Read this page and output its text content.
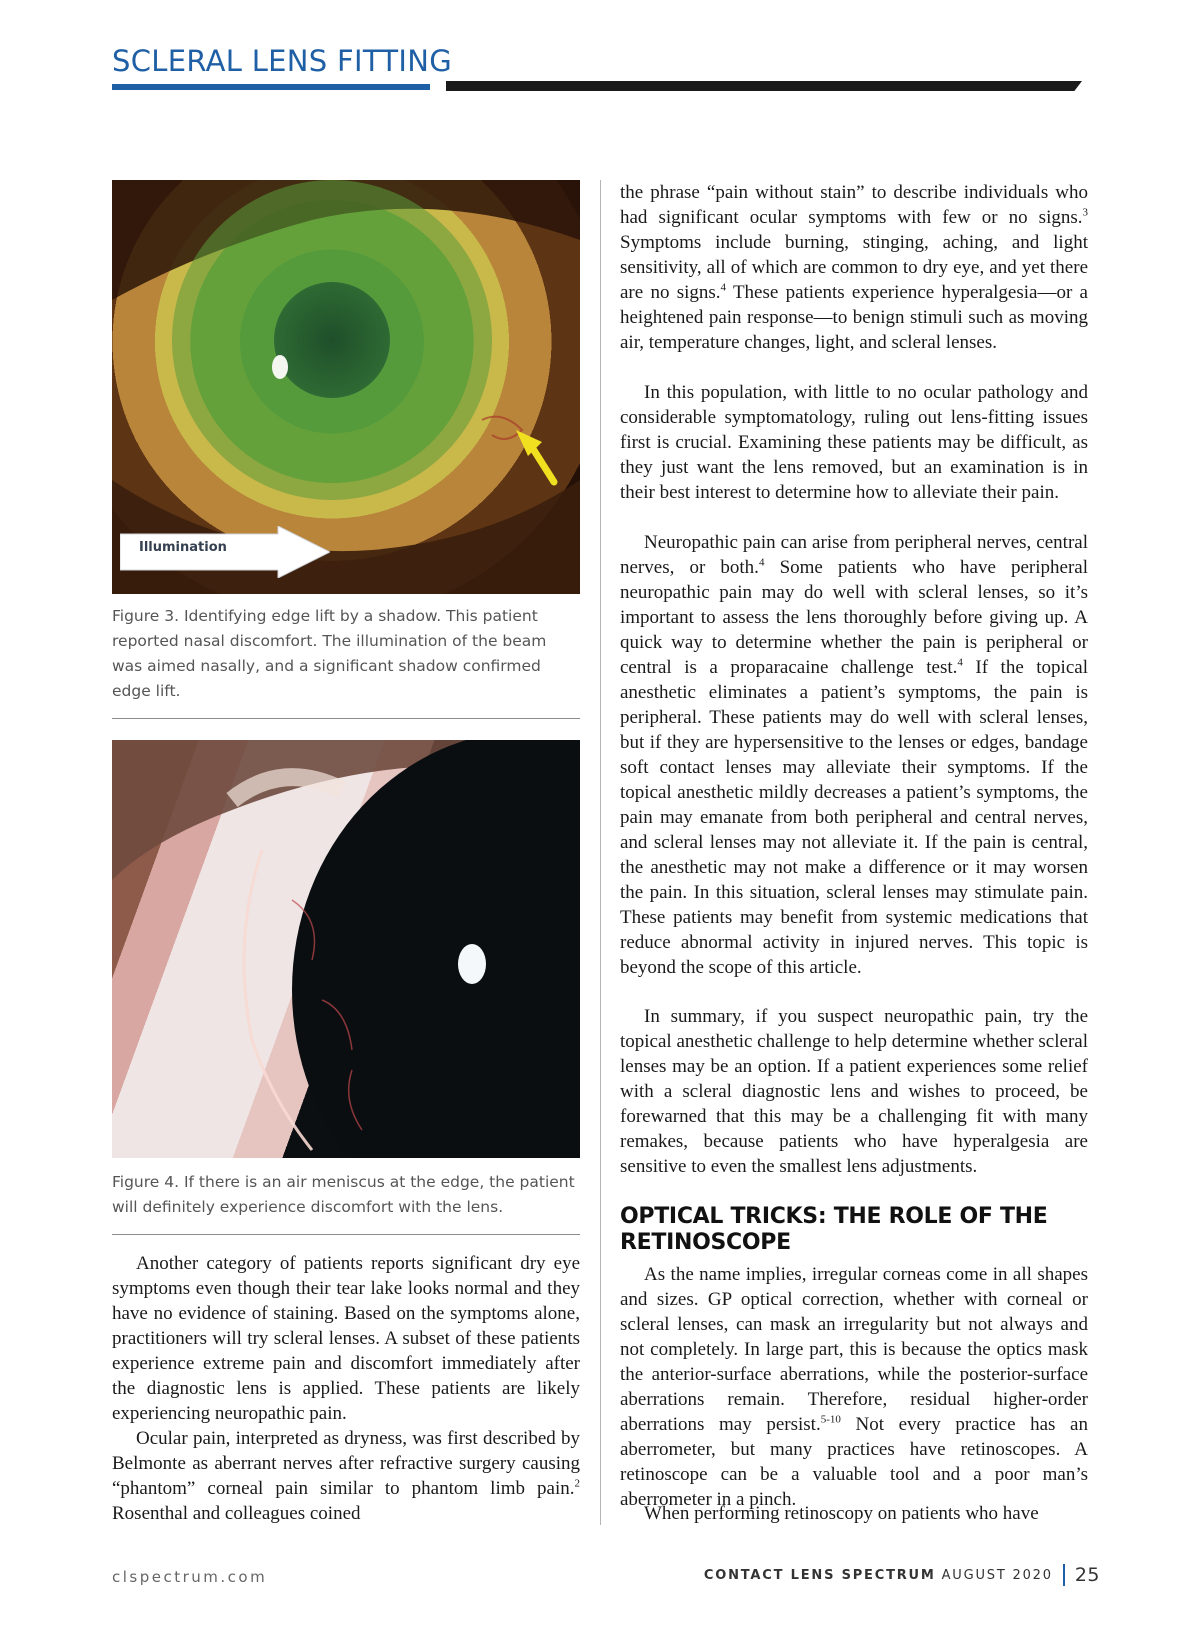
SCLERAL LENS FITTING
Illumination

Figure 3. Identifying edge lift by a shadow. This patient reported nasal discomfort. The illumination of the beam was aimed nasally, and a significant shadow confirmed edge lift.

Figure 4. If there is an air meniscus at the edge, the patient will definitely experience discomfort with the lens.

Another category of patients reports significant dry eye symptoms even though their tear lake looks normal and they have no evidence of staining. Based on the symptoms alone, practitioners will try scleral lenses. A subset of these patients experience extreme pain and discomfort immediately after the diagnostic lens is applied. These patients are likely experiencing neuropathic pain.

Ocular pain, interpreted as dryness, was first described by Belmonte as aberrant nerves after refractive surgery causing “phantom” corneal pain similar to phantom limb pain.$^2$ Rosenthal and colleagues coined

the phrase “pain without stain” to describe individuals who had significant ocular symptoms with few or no signs.$^3$ Symptoms include burning, stinging, aching, and light sensitivity, all of which are common to dry eye, and yet there are no signs.$^4$ These patients experience hyperalgesia—or a heightened pain response—to benign stimuli such as moving air, temperature changes, light, and scleral lenses.

In this population, with little to no ocular pathology and considerable symptomatology, ruling out lens-fitting issues first is crucial. Examining these patients may be difficult, as they just want the lens removed, but an examination is in their best interest to determine how to alleviate their pain.

Neuropathic pain can arise from peripheral nerves, central nerves, or both.$^4$ Some patients who have peripheral neuropathic pain may do well with scleral lenses, so it’s important to assess the lens thoroughly before giving up. A quick way to determine whether the pain is peripheral or central is a proparacaine challenge test.$^4$ If the topical anesthetic eliminates a patient’s symptoms, the pain is peripheral. These patients may do well with scleral lenses, but if they are hypersensitive to the lenses or edges, bandage soft contact lenses may alleviate their symptoms. If the topical anesthetic mildly decreases a patient’s symptoms, the pain may emanate from both peripheral and central nerves, and scleral lenses may not alleviate it. If the pain is central, the anesthetic may not make a difference or it may worsen the pain. In this situation, scleral lenses may stimulate pain. These patients may benefit from systemic medications that reduce abnormal activity in injured nerves. This topic is beyond the scope of this article.

In summary, if you suspect neuropathic pain, try the topical anesthetic challenge to help determine whether scleral lenses may be an option. If a patient experiences some relief with a scleral diagnostic lens and wishes to proceed, be forewarned that this may be a challenging fit with many remakes, because patients who have hyperalgesia are sensitive to even the smallest lens adjustments.

OPTICAL TRICKS: THE ROLE OF THE RETINOSCOPE

As the name implies, irregular corneas come in all shapes and sizes. GP optical correction, whether with corneal or scleral lenses, can mask an irregularity but not always and not completely. In large part, this is because the optics mask the anterior-surface aberrations, while the posterior-surface aberrations remain. Therefore, residual higher-order aberrations may persist.$^{5-10}$ Not every practice has an aberrometer, but many practices have retinoscopes. A retinoscope can be a valuable tool and a poor man’s aberrometer in a pinch.

When performing retinoscopy on patients who have

clspectrum.com	CONTACT LENS SPECTRUM
AUGUST 2020 25
